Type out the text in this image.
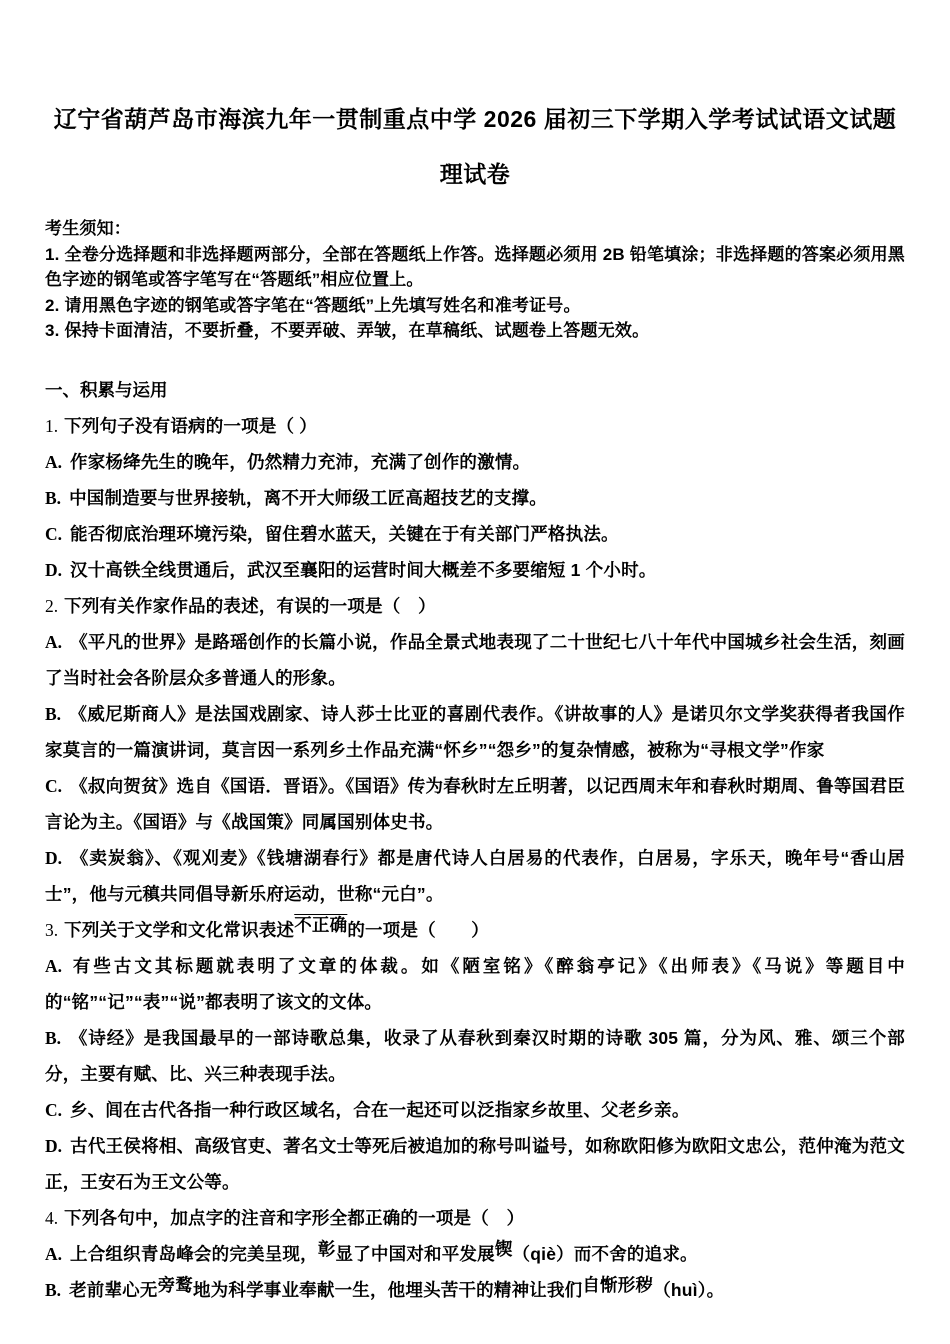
辽宁省葫芦岛市海滨九年一贯制重点中学 2026 届初三下学期入学考试试语文试题理试卷

考生须知：

1. 全卷分选择题和非选择题两部分，全部在答题纸上作答。选择题必须用 2B 铅笔填涂；非选择题的答案必须用黑色字迹的钢笔或答字笔写在“答题纸”相应位置上。

2. 请用黑色字迹的钢笔或答字笔在“答题纸”上先填写姓名和准考证号。

3. 保持卡面清洁，不要折叠，不要弄破、弄皱，在草稿纸、试题卷上答题无效。

一、积累与运用

1. 下列句子没有语病的一项是（ ）

A. 作家杨绛先生的晚年，仍然精力充沛，充满了创作的激情。

B. 中国制造要与世界接轨，离不开大师级工匠高超技艺的支撑。

C. 能否彻底治理环境污染，留住碧水蓝天，关键在于有关部门严格执法。

D. 汉十高铁全线贯通后，武汉至襄阳的运营时间大概差不多要缩短 1 个小时。

2. 下列有关作家作品的表述，有误的一项是（　）

A. 《平凡的世界》是路瑶创作的长篇小说，作品全景式地表现了二十世纪七八十年代中国城乡社会生活，刻画了当时社会各阶层众多普通人的形象。

B. 《威尼斯商人》是法国戏剧家、诗人莎士比亚的喜剧代表作。《讲故事的人》是诺贝尔文学奖获得者我国作家莫言的一篇演讲词，莫言因一系列乡土作品充满“怀乡”“怨乡”的复杂情感，被称为“寻根文学”作家

C. 《叔向贺贫》选自《国语．晋语》。《国语》传为春秋时左丘明著，以记西周末年和春秋时期周、鲁等国君臣言论为主。《国语》与《战国策》同属国别体史书。

D. 《卖炭翁》、《观刈麦》《钱塘湖春行》都是唐代诗人白居易的代表作，白居易，字乐天，晚年号“香山居士”，他与元稹共同倡导新乐府运动，世称“元白”。

3. 下列关于文学和文化常识表述不正确的一项是（　　）

A. 有些古文其标题就表明了文章的体裁。如《陋室铭》《醉翁亭记》《出师表》《马说》等题目中的“铭”“记”“表”“说”都表明了该文的文体。

B. 《诗经》是我国最早的一部诗歌总集，收录了从春秋到秦汉时期的诗歌 305 篇，分为风、雅、颂三个部分，主要有赋、比、兴三种表现手法。

C. 乡、闾在古代各指一种行政区域名，合在一起还可以泛指家乡故里、父老乡亲。

D. 古代王侯将相、高级官吏、著名文士等死后被追加的称号叫谥号，如称欧阳修为欧阳文忠公，范仲淹为范文正，王安石为王文公等。

4. 下列各句中，加点字的注音和字形全都正确的一项是（　）

A. 上合组织青岛峰会的完美呈现，彰显了中国对和平发展锲（qiè）而不舍的追求。

B. 老前辈心无旁鹜地为科学事业奉献一生，他埋头苦干的精神让我们自惭形秽（huì）。
